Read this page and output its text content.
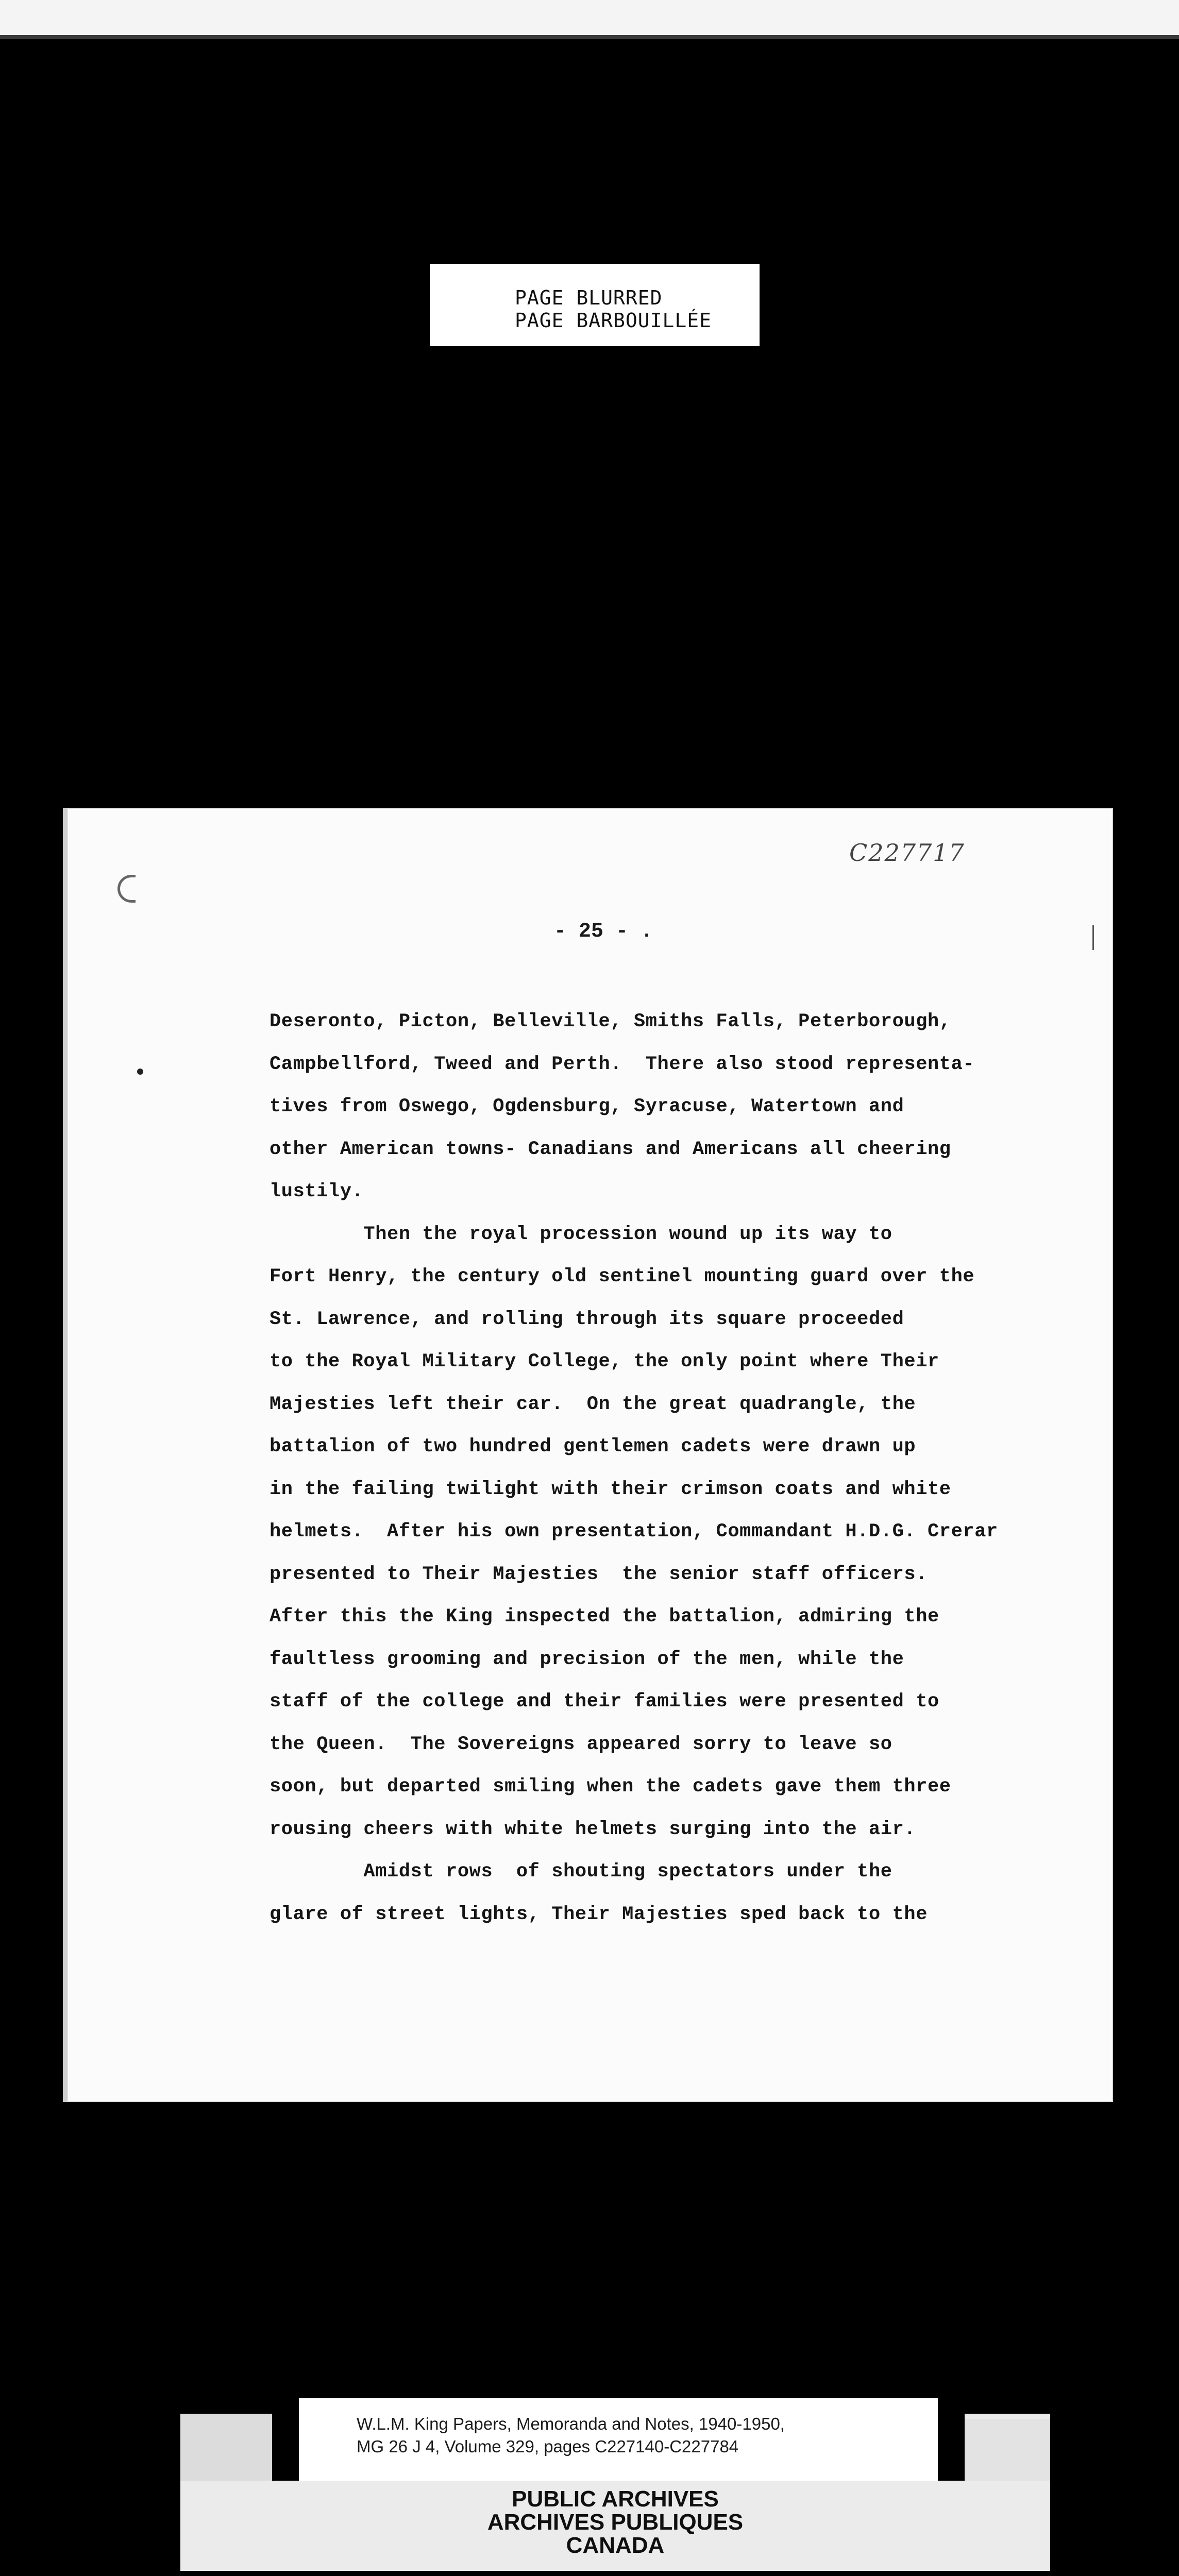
PAGE BLURRED
PAGE BARBOUILLÉE
C227717
- 25 - .
Deseronto, Picton, Belleville, Smiths Falls, Peterborough,
Campbellford, Tweed and Perth.  There also stood representa-
tives from Oswego, Ogdensburg, Syracuse, Watertown and
other American towns- Canadians and Americans all cheering
lustily.
Then the royal procession wound up its way to
Fort Henry, the century old sentinel mounting guard over the
St. Lawrence, and rolling through its square proceeded
to the Royal Military College, the only point where Their
Majesties left their car.  On the great quadrangle, the
battalion of two hundred gentlemen cadets were drawn up
in the failing twilight with their crimson coats and white
helmets.  After his own presentation, Commandant H.D.G. Crerar
presented to Their Majesties  the senior staff officers.
After this the King inspected the battalion, admiring the
faultless grooming and precision of the men, while the
staff of the college and their families were presented to
the Queen.  The Sovereigns appeared sorry to leave so
soon, but departed smiling when the cadets gave them three
rousing cheers with white helmets surging into the air.
Amidst rows  of shouting spectators under the
glare of street lights, Their Majesties sped back to the
W.L.M. King Papers, Memoranda and Notes, 1940-1950,
MG 26 J 4, Volume 329, pages C227140-C227784
PUBLIC ARCHIVES
ARCHIVES PUBLIQUES
CANADA
